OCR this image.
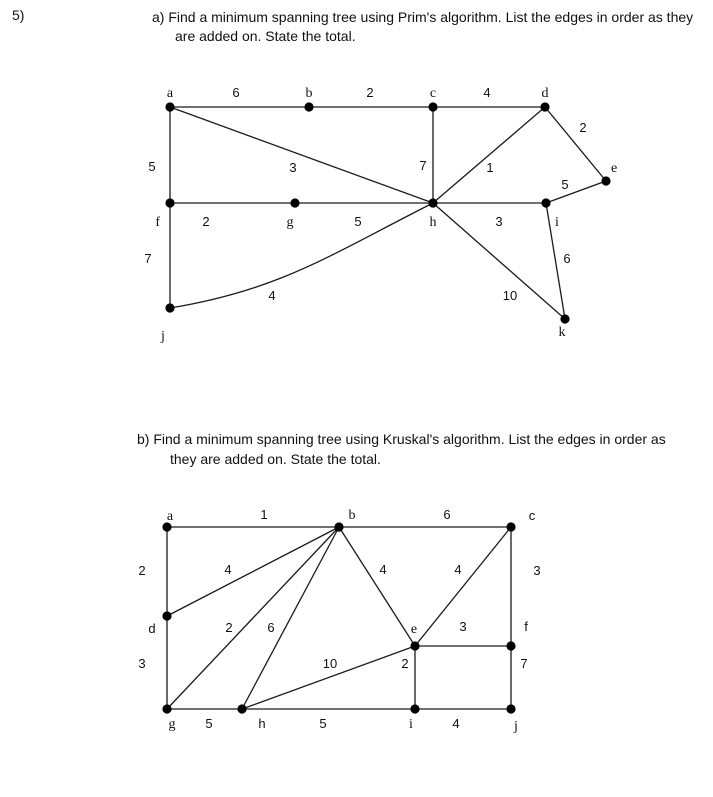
5)	a) Find a minimum spanning tree using Prim's algorithm. List the edges in order as they
are added on. State the total.
b) Find a minimum spanning tree using Kruskal's algorithm. List the edges in order as
they are added on. State the total.
6	2	4
5	3	7
2
1
5
2	5	3
7
4	10
6
a	b	c	d
e
f	g	h	i
j	k
1	6
2	4	4	4	3
3
2	6	3
10	2	7
5	5	4
a	b	c
d	e	f
g	h	i	j
